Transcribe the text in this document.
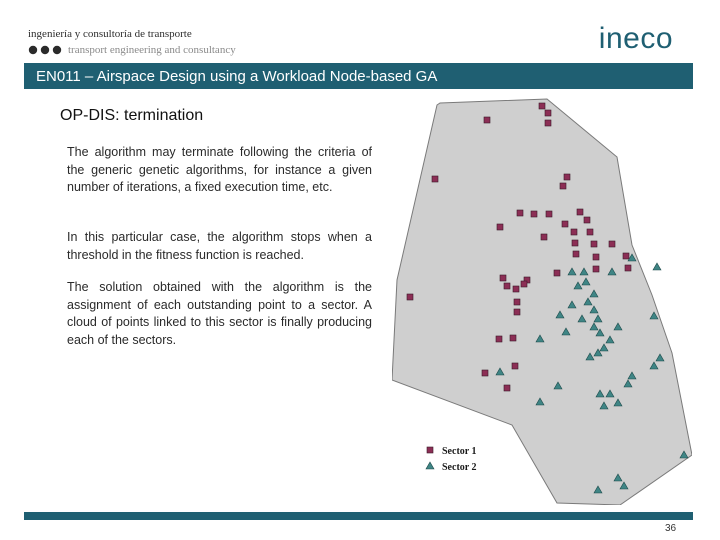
ingeniería y consultoría de transporte
transport engineering and consultancy	ineco
EN011 – Airspace Design using a Workload Node-based GA
OP-DIS: termination

The algorithm may terminate following the criteria of the generic genetic algorithms, for instance a given number of iterations, a fixed execution time, etc.

In this particular case, the algorithm stops when a threshold in the fitness function is reached.

The solution obtained with the algorithm is the assignment of each outstanding point to a sector. A cloud of points linked to this sector is finally producing each of the sectors.

Sector 1
Sector 2
36
